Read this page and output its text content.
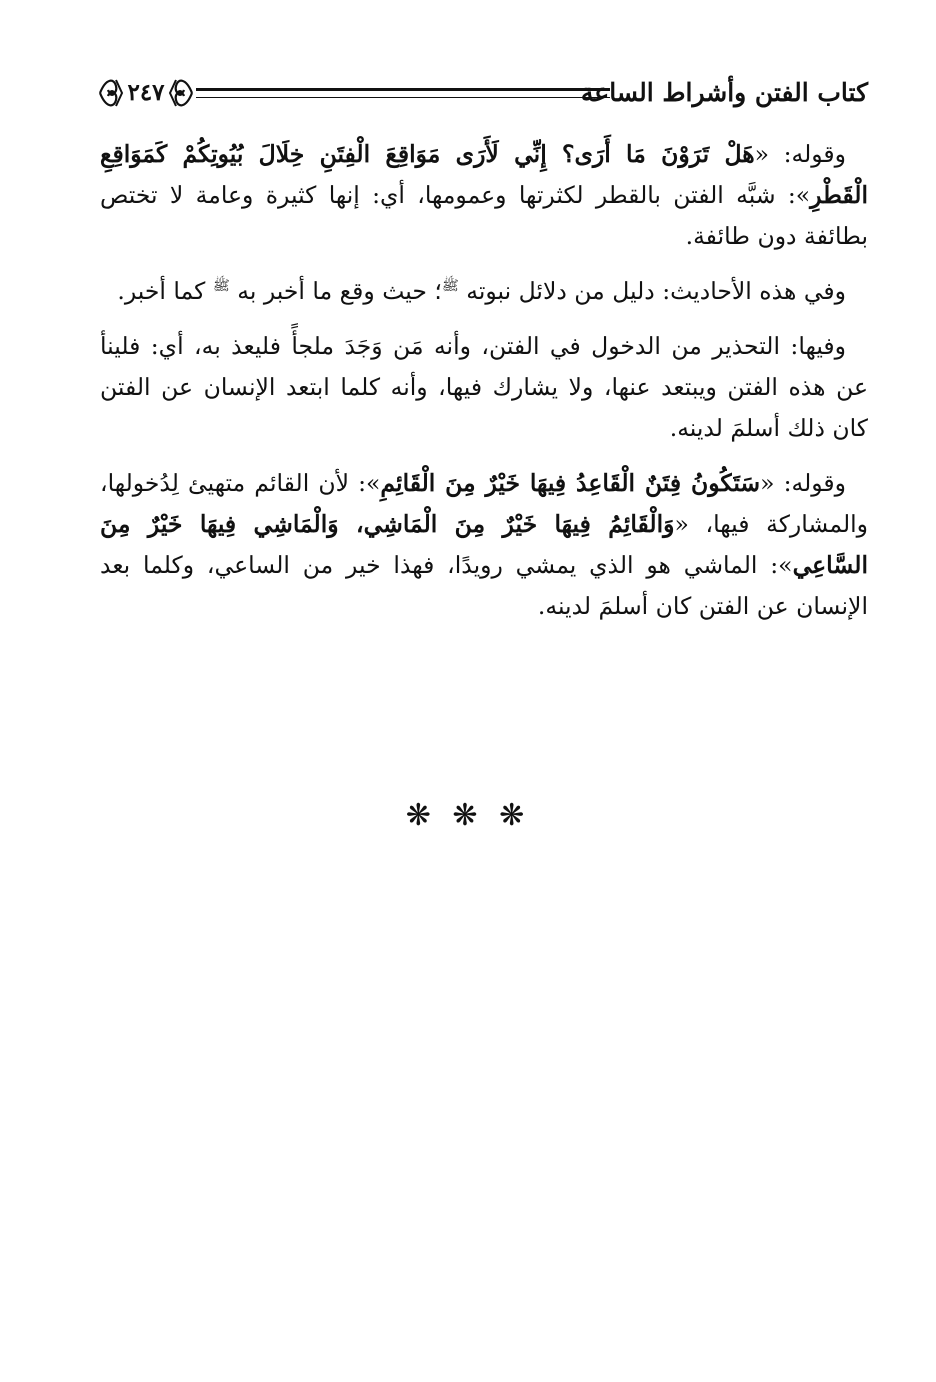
كتاب الفتن وأشراط الساعة
٢٤٧

وقوله: «هَلْ تَرَوْنَ مَا أَرَى؟ إِنِّي لَأَرَى مَوَاقِعَ الْفِتَنِ خِلَالَ بُيُوتِكُمْ كَمَوَاقِعِ الْقَطْرِ»: شبَّه الفتن بالقطر لكثرتها وعمومها، أي: إنها كثيرة وعامة لا تختص بطائفة دون طائفة.

وفي هذه الأحاديث: دليل من دلائل نبوته $^ﷺ$؛ حيث وقع ما أخبر به $^ﷺ$ كما أخبر.

وفيها: التحذير من الدخول في الفتن، وأنه مَن وَجَدَ ملجأً فليعذ به، أي: فلينأ عن هذه الفتن ويبتعد عنها، ولا يشارك فيها، وأنه كلما ابتعد الإنسان عن الفتن كان ذلك أسلمَ لدينه.

وقوله: «سَتَكُونُ فِتَنٌ الْقَاعِدُ فِيهَا خَيْرٌ مِنَ الْقَائِمِ»: لأن القائم متهيئ لِدُخولها، والمشاركة فيها، «وَالْقَائِمُ فِيهَا خَيْرٌ مِنَ الْمَاشِي، وَالْمَاشِي فِيهَا خَيْرٌ مِنَ السَّاعِي»: الماشي هو الذي يمشي رويدًا، فهذا خير من الساعي، وكلما بعد الإنسان عن الفتن كان أسلمَ لدينه.

❋ ❋ ❋
